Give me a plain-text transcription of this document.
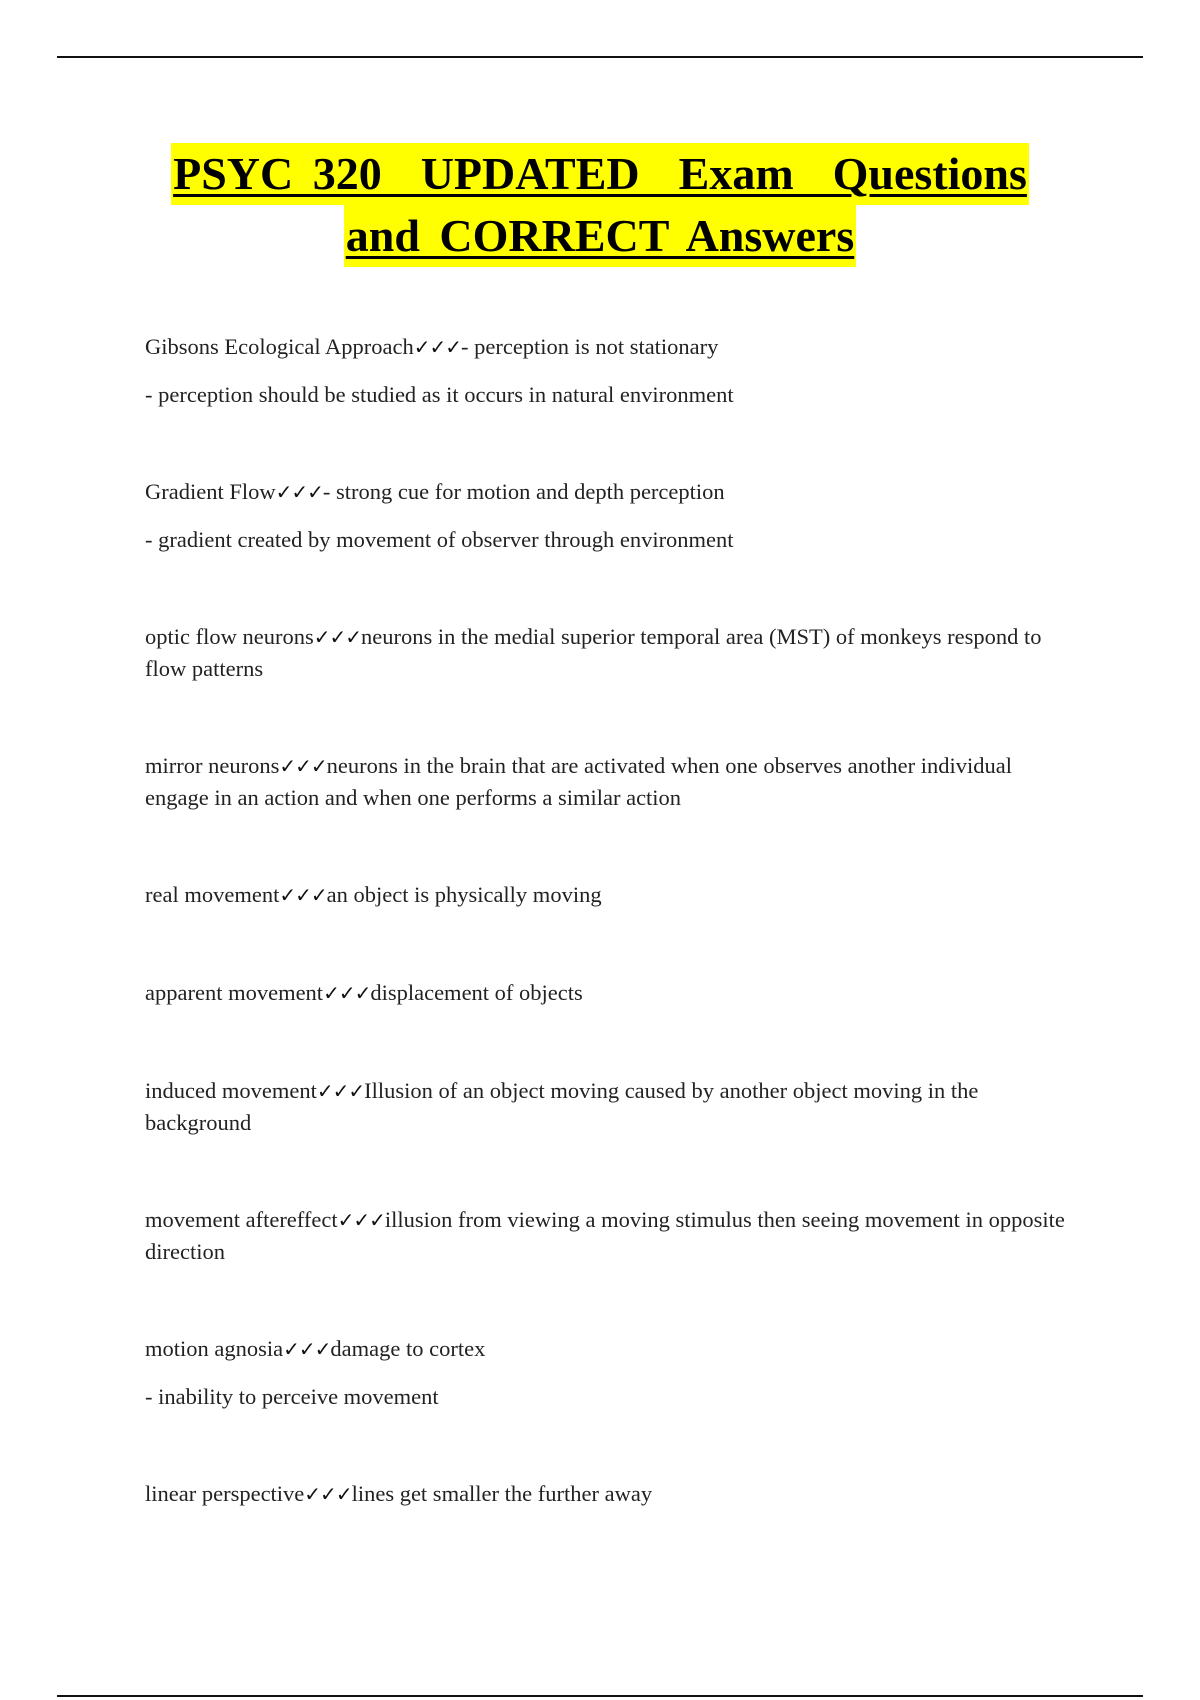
PSYC 320  UPDATED  Exam  Questions
and CORRECT Answers

Gibsons Ecological Approach✓✓✓- perception is not stationary

- perception should be studied as it occurs in natural environment

Gradient Flow✓✓✓- strong cue for motion and depth perception

- gradient created by movement of observer through environment

optic flow neurons✓✓✓neurons in the medial superior temporal area (MST) of monkeys respond to flow patterns

mirror neurons✓✓✓neurons in the brain that are activated when one observes another individual engage in an action and when one performs a similar action

real movement✓✓✓an object is physically moving

apparent movement✓✓✓displacement of objects

induced movement✓✓✓Illusion of an object moving caused by another object moving in the background

movement aftereffect✓✓✓illusion from viewing a moving stimulus then seeing movement in opposite direction

motion agnosia✓✓✓damage to cortex

- inability to perceive movement

linear perspective✓✓✓lines get smaller the further away
